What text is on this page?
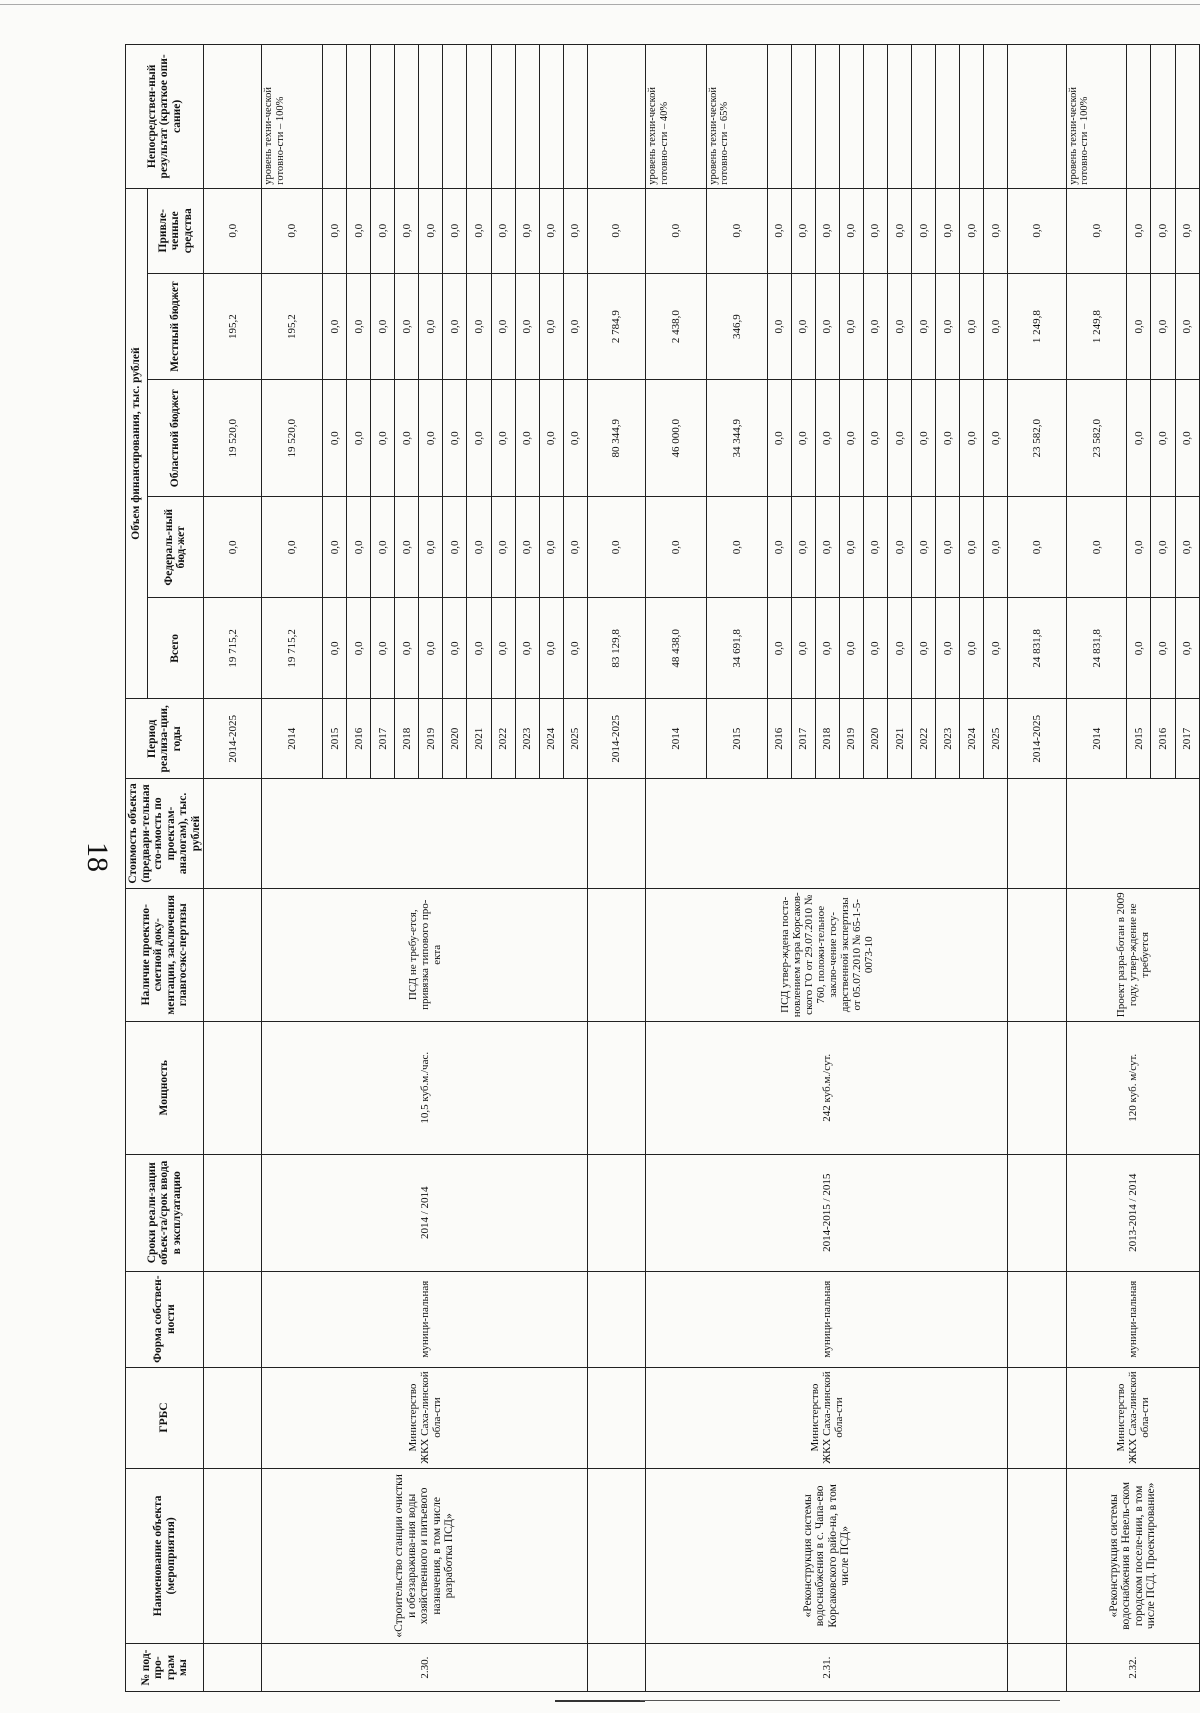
18
№ под-про-грам мы	Наименование объекта (мероприятия)	ГРБС	Форма собствен-ности	Сроки реали-зации объек-та/срок ввода в эксплуатацию	Мощность	Наличие проектно-сметной доку-ментации, заключения главгосэкс-пертизы	Стоимость объекта (предвари-тельная сто-имость по проектам-аналогам), тыс. рублей	Период реализа-ции, годы	Объем финансирования, тыс. рублей					Непосредствен-ный результат (краткое опи-сание)
									Всего	Федераль-ный бюд-жет	Областной бюджет	Местный бюджет	Привле-ченные средства	
								2014-2025	19 715,2	0,0	19 520,0	195,2	0,0	
2.30.	«Строительство станции очистки и обеззаражива-ния воды хозяйственного и питьевого назначения, в том числе разработка ПСД»	Министерство ЖКХ Саха-линской обла-сти	муници-пальная	2014 / 2014	10,5 куб.м./час.	ПСД не требу-ется, привязка типового про-екта		2014	19 715,2	0,0	19 520,0	195,2	0,0	уровень техни-ческой готовно-сти – 100%
								2015	0,0	0,0	0,0	0,0	0,0	
								2016	0,0	0,0	0,0	0,0	0,0	
								2017	0,0	0,0	0,0	0,0	0,0	
								2018	0,0	0,0	0,0	0,0	0,0	
								2019	0,0	0,0	0,0	0,0	0,0	
								2020	0,0	0,0	0,0	0,0	0,0	
								2021	0,0	0,0	0,0	0,0	0,0	
								2022	0,0	0,0	0,0	0,0	0,0	
								2023	0,0	0,0	0,0	0,0	0,0	
								2024	0,0	0,0	0,0	0,0	0,0	
								2025	0,0	0,0	0,0	0,0	0,0	
								2014-2025	83 129,8	0,0	80 344,9	2 784,9	0,0	
2.31.	«Реконструкция системы водоснабжения в с. Чапа-ево Корсаковского райо-на, в том числе ПСД»	Министерство ЖКХ Саха-линской обла-сти	муници-пальная	2014-2015 / 2015	242 куб.м./сут.	ПСД утвер-ждена поста-новлением мэра Корсаков-ского ГО от 29.07.2010 № 760, положи-тельное заклю-чение госу-дарственной экспертизы от 05.07.2010 № 65-1-5-0073-10		2014	48 438,0	0,0	46 000,0	2 438,0	0,0	уровень техни-ческой готовно-сти – 40%
								2015	34 691,8	0,0	34 344,9	346,9	0,0	уровень техни-ческой готовно-сти – 65%
								2016	0,0	0,0	0,0	0,0	0,0	
								2017	0,0	0,0	0,0	0,0	0,0	
								2018	0,0	0,0	0,0	0,0	0,0	
								2019	0,0	0,0	0,0	0,0	0,0	
								2020	0,0	0,0	0,0	0,0	0,0	
								2021	0,0	0,0	0,0	0,0	0,0	
								2022	0,0	0,0	0,0	0,0	0,0	
								2023	0,0	0,0	0,0	0,0	0,0	
								2024	0,0	0,0	0,0	0,0	0,0	
								2025	0,0	0,0	0,0	0,0	0,0	
								2014-2025	24 831,8	0,0	23 582,0	1 249,8	0,0	
2.32.	«Реконструкция системы водоснабжения в Невель-ском городском поселе-нии, в том числе ПСД. Проектирование»	Министерство ЖКХ Саха-линской обла-сти	муници-пальная	2013-2014 / 2014	120 куб. м/сут.	Проект разра-ботан в 2009 году, утвер-ждение не требуется		2014	24 831,8	0,0	23 582,0	1 249,8	0,0	уровень техни-ческой готовно-сти – 100%
								2015	0,0	0,0	0,0	0,0	0,0	
								2016	0,0	0,0	0,0	0,0	0,0	
								2017	0,0	0,0	0,0	0,0	0,0	
